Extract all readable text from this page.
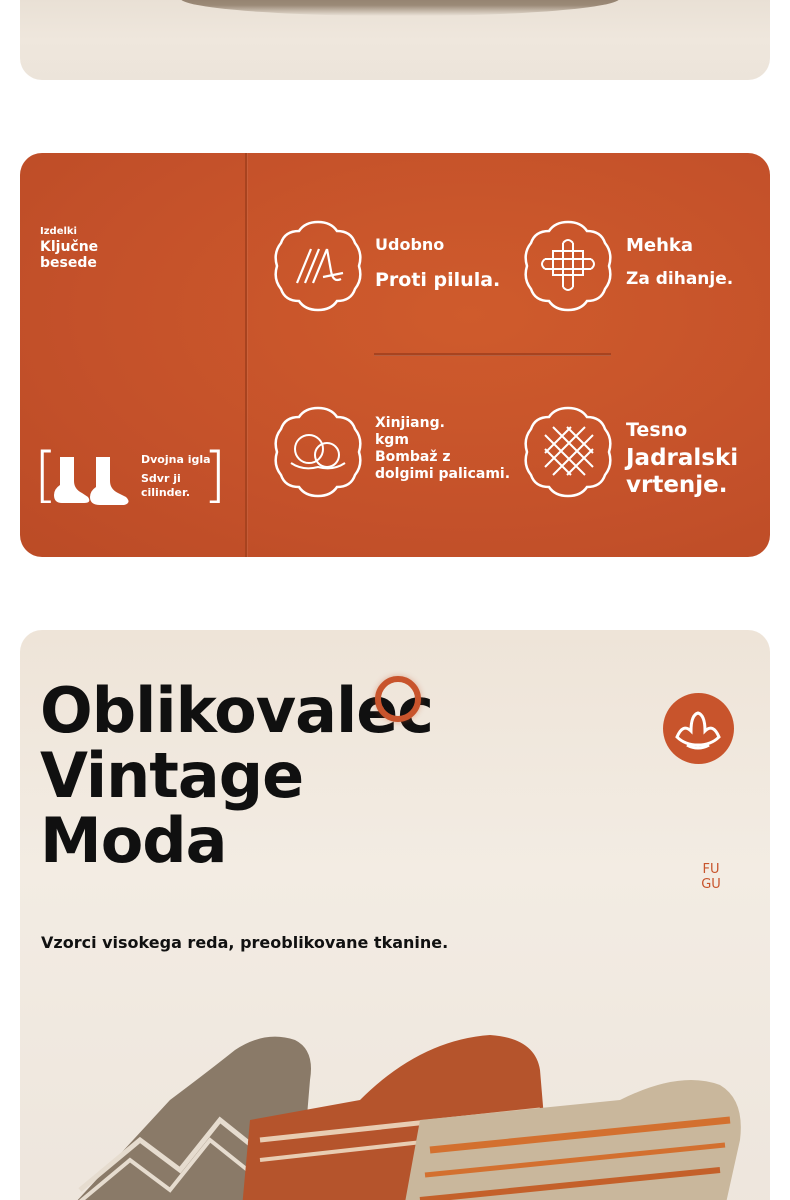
Izdelki
Ključne besede
[	Dvojna igla
Sdvr ji
cilinder. ]
Udobno
Proti pilula.
Mehka
Za dihanje.
Xinjiang.
kgm
Bombaž z
dolgimi palicami.
Tesno
Jadralski
vrtenje.
Oblikovalec
Vintage
Moda	FU
GU
Vzorci visokega reda, preoblikovane tkanine.
